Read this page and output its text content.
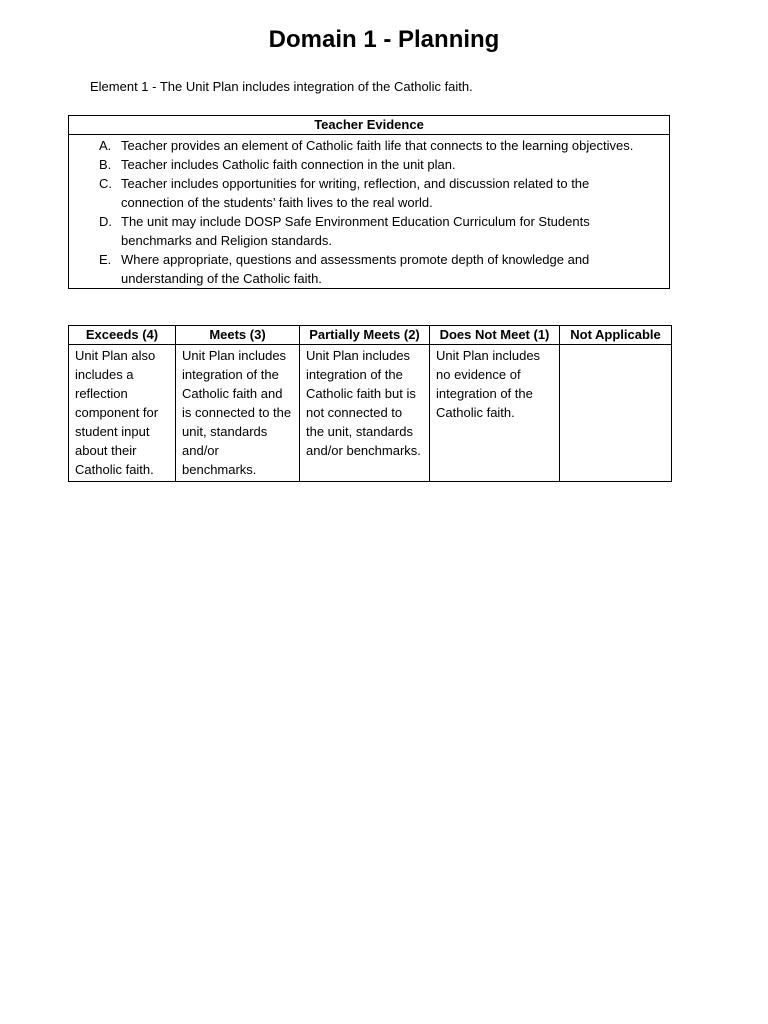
Domain 1 - Planning
Element 1 - The Unit Plan includes integration of the Catholic faith.
Teacher Evidence

A. Teacher provides an element of Catholic faith life that connects to the learning objectives.
B. Teacher includes Catholic faith connection in the unit plan.
C. Teacher includes opportunities for writing, reflection, and discussion related to the connection of the students’ faith lives to the real world.
D. The unit may include DOSP Safe Environment Education Curriculum for Students benchmarks and Religion standards.
E. Where appropriate, questions and assessments promote depth of knowledge and understanding of the Catholic faith.
Exceeds (4)	Meets (3)	Partially Meets (2)	Does Not Meet (1)	Not Applicable
Unit Plan also includes a reflection component for student input about their Catholic faith.	Unit Plan includes integration of the Catholic faith and is connected to the unit, standards and/or benchmarks.	Unit Plan includes integration of the Catholic faith but is not connected to the unit, standards and/or benchmarks.	Unit Plan includes no evidence of integration of the Catholic faith.	
